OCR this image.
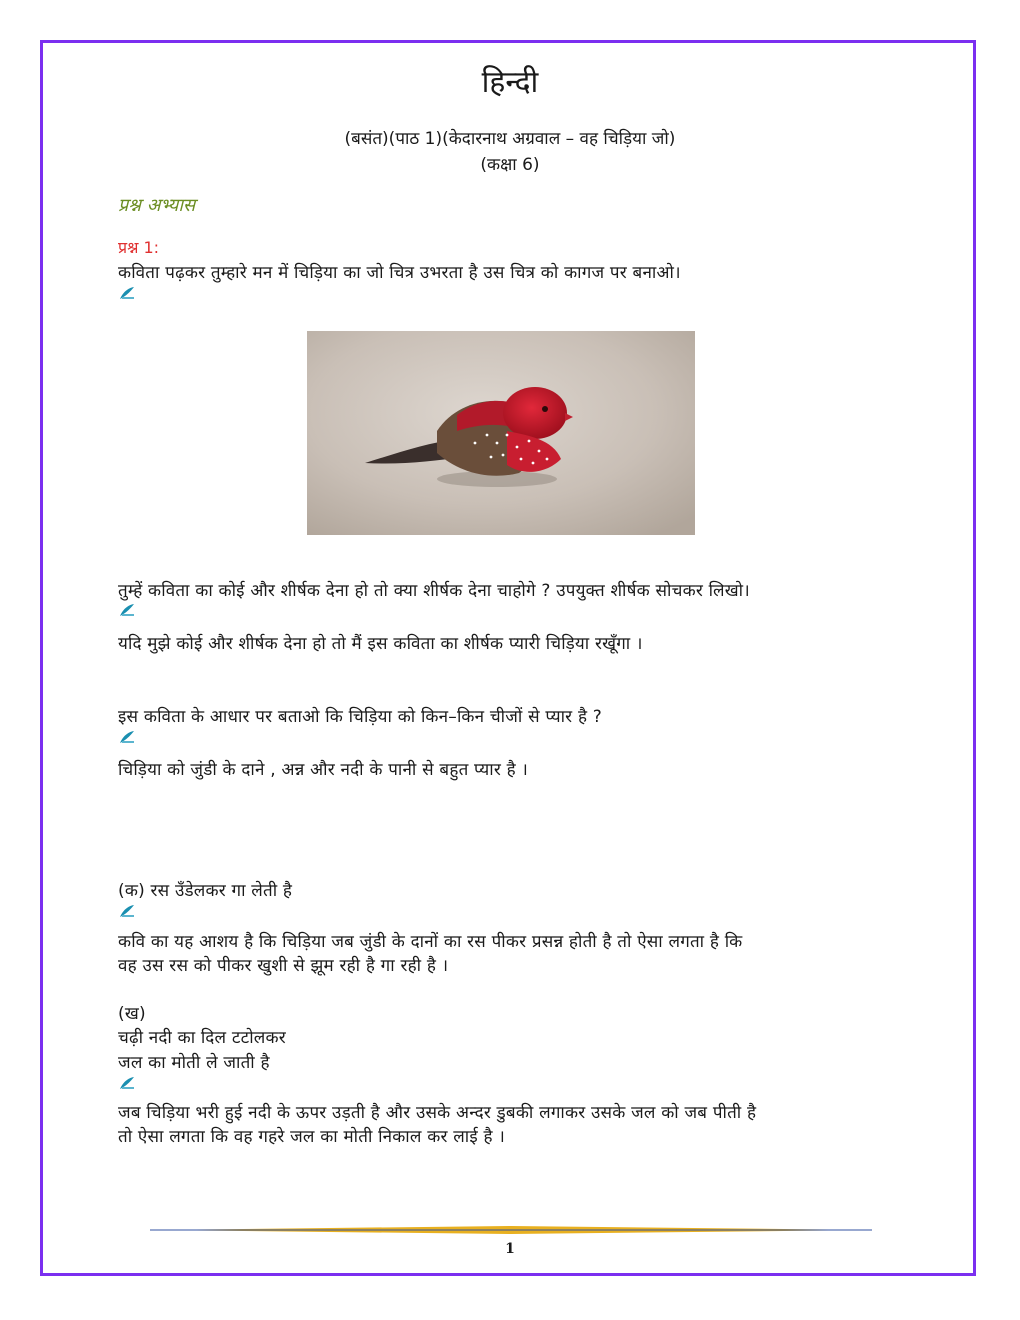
हिन्दी
(बसंत)(पाठ 1)(केदारनाथ अग्रवाल – वह चिड़िया जो)
(कक्षा 6)
प्रश्न अभ्यास
प्रश्न 1:
कविता पढ़कर तुम्हारे मन में चिड़िया का जो चित्र उभरता है उस चित्र को कागज पर बनाओ।
तुम्हें कविता का कोई और शीर्षक देना हो तो क्या शीर्षक देना चाहोगे ? उपयुक्त शीर्षक सोचकर लिखो।
यदि मुझे कोई और शीर्षक देना हो तो मैं इस कविता का शीर्षक प्यारी चिड़िया रखूँगा ।
इस कविता के आधार पर बताओ कि चिड़िया को किन–किन चीजों से प्यार है ?
चिड़िया को जुंडी के दाने , अन्न और नदी के पानी से बहुत प्यार है ।
(क) रस उँडेलकर गा लेती है
कवि का यह आशय है कि चिड़िया जब जुंडी के दानों का रस पीकर प्रसन्न होती है तो ऐसा लगता है कि
वह उस रस को पीकर खुशी से झूम रही है गा रही है ।
(ख)
चढ़ी नदी का दिल टटोलकर
जल का मोती ले जाती है
जब चिड़िया भरी हुई नदी के ऊपर उड़ती है और उसके अन्दर डुबकी लगाकर उसके जल को जब पीती है
तो ऐसा लगता कि वह गहरे जल का मोती निकाल कर लाई है ।
1
